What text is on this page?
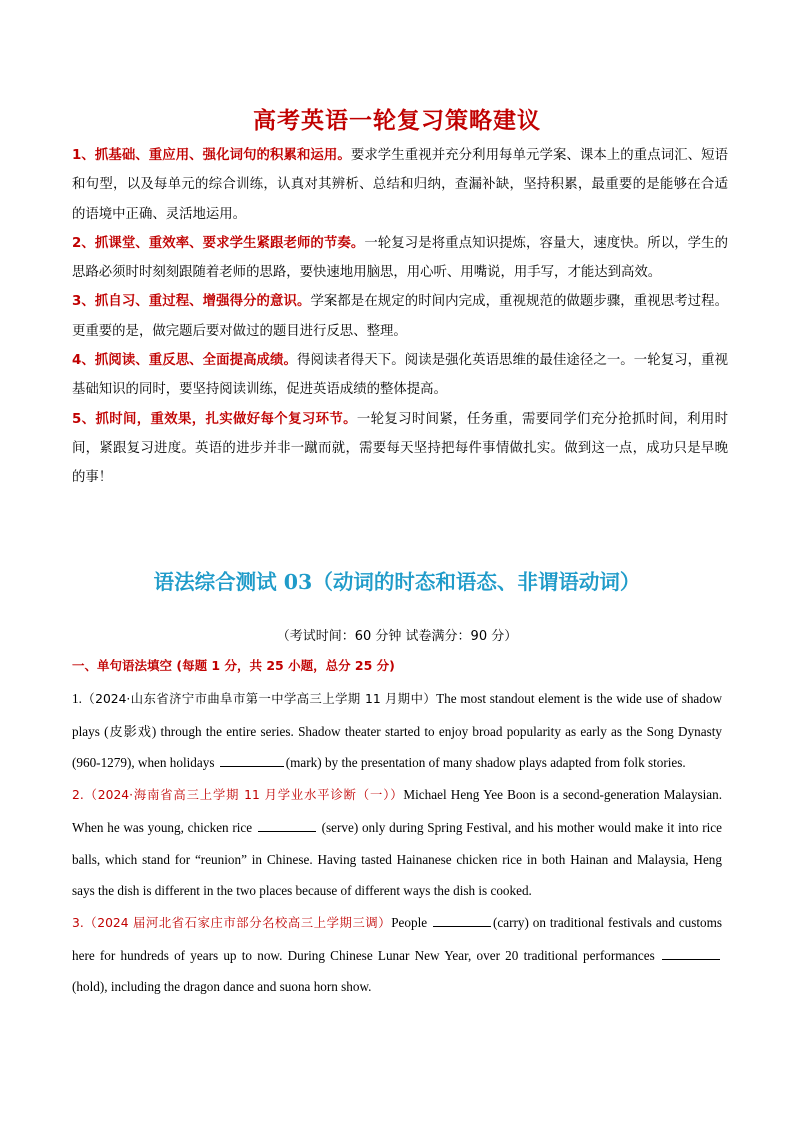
高考英语一轮复习策略建议

1、抓基础、重应用、强化词句的积累和运用。要求学生重视并充分利用每单元学案、课本上的重点词汇、短语和句型，以及每单元的综合训练，认真对其辨析、总结和归纳，查漏补缺，坚持积累，最重要的是能够在合适的语境中正确、灵活地运用。

2、抓课堂、重效率、要求学生紧跟老师的节奏。一轮复习是将重点知识提炼，容量大，速度快。所以，学生的思路必须时时刻刻跟随着老师的思路，要快速地用脑思，用心听、用嘴说，用手写，才能达到高效。

3、抓自习、重过程、增强得分的意识。学案都是在规定的时间内完成，重视规范的做题步骤，重视思考过程。更重要的是，做完题后要对做过的题目进行反思、整理。

4、抓阅读、重反思、全面提高成绩。得阅读者得天下。阅读是强化英语思维的最佳途径之一。一轮复习，重视基础知识的同时，要坚持阅读训练，促进英语成绩的整体提高。

5、抓时间，重效果，扎实做好每个复习环节。一轮复习时间紧，任务重，需要同学们充分抢抓时间，利用时间，紧跟复习进度。英语的进步并非一蹴而就，需要每天坚持把每件事情做扎实。做到这一点，成功只是早晚的事！

语法综合测试 03（动词的时态和语态、非谓语动词）
（考试时间：60 分钟 试卷满分：90 分）
一、单句语法填空 (每题 1 分，共 25 小题，总分 25 分)

1.（2024·山东省济宁市曲阜市第一中学高三上学期 11 月期中）The most standout element is the wide use of shadow plays (皮影戏) through the entire series. Shadow theater started to enjoy broad popularity as early as the Song Dynasty (960-1279), when holidays	(mark) by the presentation of many shadow plays adapted from folk stories.

2.（2024·海南省高三上学期 11 月学业水平诊断（一））Michael Heng Yee Boon is a second-generation Malaysian. When he was young, chicken rice	(serve) only during Spring Festival, and his mother would make it into rice balls, which stand for “reunion” in Chinese. Having tasted Hainanese chicken rice in both Hainan and Malaysia, Heng says the dish is different in the two places because of different ways the dish is cooked.

3.（2024 届河北省石家庄市部分名校高三上学期三调）People	(carry) on traditional festivals and customs here for hundreds of years up to now. During Chinese Lunar New Year, over 20 traditional performances (hold), including the dragon dance and suona horn show.
